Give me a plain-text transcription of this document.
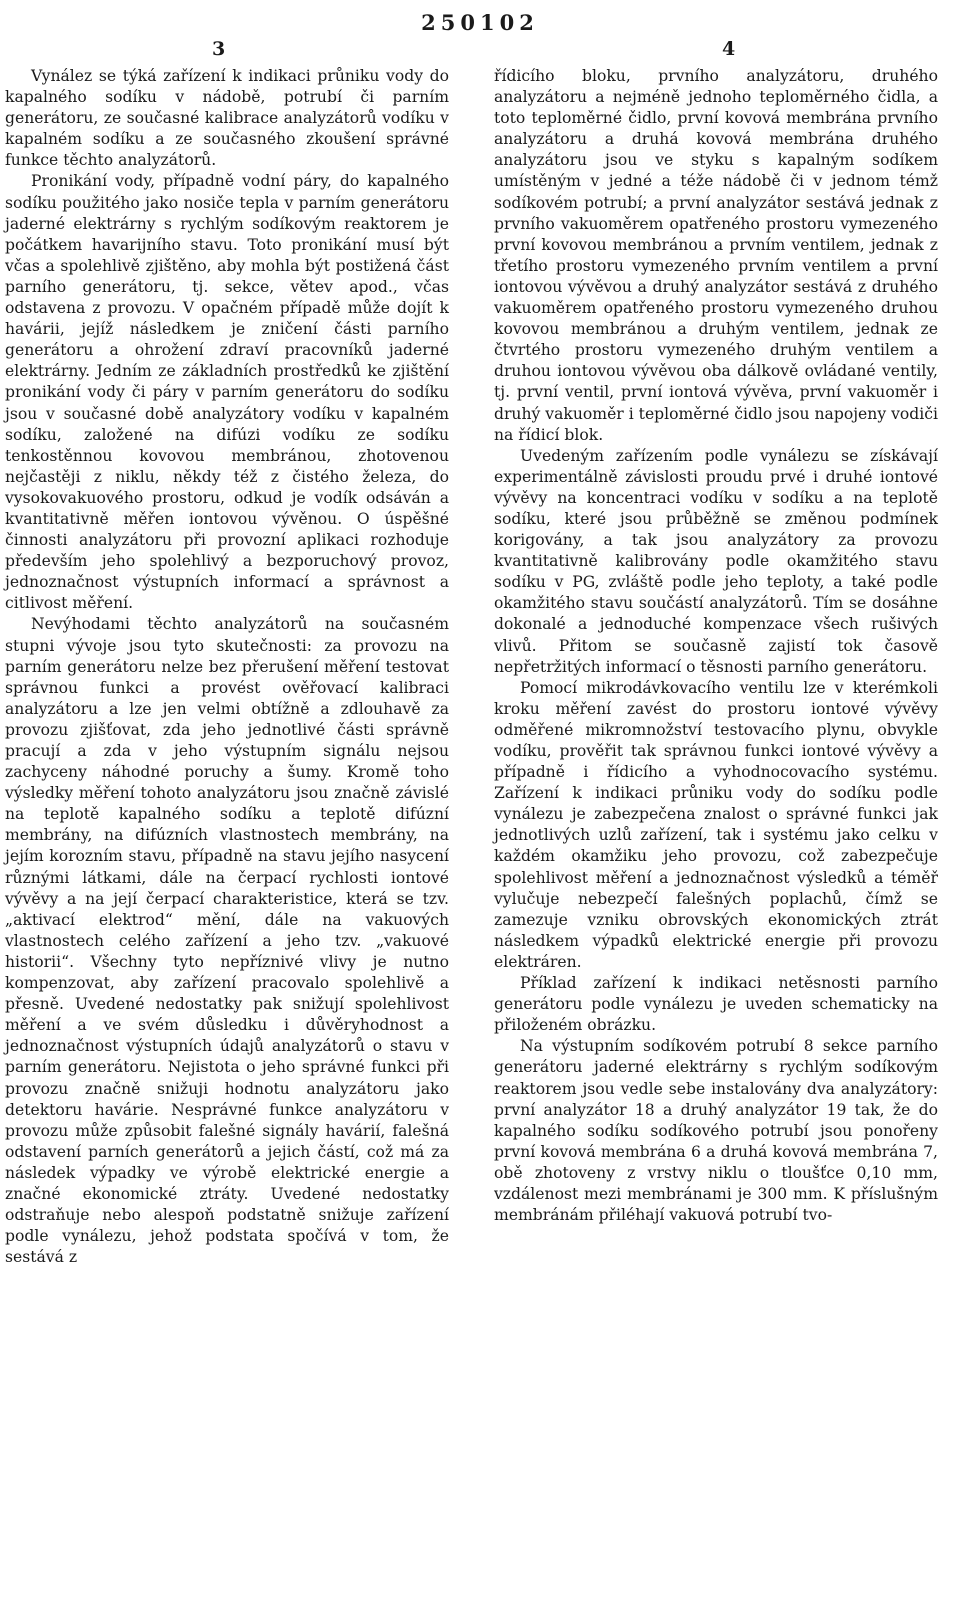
250102
3	4

Vynález se týká zařízení k indikaci průniku vody do kapalného sodíku v nádobě, potrubí či parním generátoru, ze současné kalibrace analyzátorů vodíku v kapalném sodíku a ze současného zkoušení správné funkce těchto analyzátorů.

Pronikání vody, případně vodní páry, do kapalného sodíku použitého jako nosiče tepla v parním generátoru jaderné elektrárny s rychlým sodíkovým reaktorem je počátkem havarijního stavu. Toto pronikání musí být včas a spolehlivě zjištěno, aby mohla být postižená část parního generátoru, tj. sekce, větev apod., včas odstavena z provozu. V opačném případě může dojít k havárii, jejíž následkem je zničení části parního generátoru a ohrožení zdraví pracovníků jaderné elektrárny. Jedním ze základních prostředků ke zjištění pronikání vody či páry v parním generátoru do sodíku jsou v současné době analyzátory vodíku v kapalném sodíku, založené na difúzi vodíku ze sodíku tenkostěnnou kovovou membránou, zhotovenou nejčastěji z niklu, někdy též z čistého železa, do vysokovakuového prostoru, odkud je vodík odsáván a kvantitativně měřen iontovou vývěnou. O úspěšné činnosti analyzátoru při provozní aplikaci rozhoduje především jeho spolehlivý a bezporuchový provoz, jednoznačnost výstupních informací a správnost a citlivost měření.

Nevýhodami těchto analyzátorů na současném stupni vývoje jsou tyto skutečnosti: za provozu na parním generátoru nelze bez přerušení měření testovat správnou funkci a provést ověřovací kalibraci analyzátoru a lze jen velmi obtížně a zdlouhavě za provozu zjišťovat, zda jeho jednotlivé části správně pracují a zda v jeho výstupním signálu nejsou zachyceny náhodné poruchy a šumy. Kromě toho výsledky měření tohoto analyzátoru jsou značně závislé na teplotě kapalného sodíku a teplotě difúzní membrány, na difúzních vlastnostech membrány, na jejím korozním stavu, případně na stavu jejího nasycení různými látkami, dále na čerpací rychlosti iontové vývěvy a na její čerpací charakteristice, která se tzv. „aktivací elektrod“ mění, dále na vakuových vlastnostech celého zařízení a jeho tzv. „vakuové historii“. Všechny tyto nepříznivé vlivy je nutno kompenzovat, aby zařízení pracovalo spolehlivě a přesně. Uvedené nedostatky pak snižují spolehlivost měření a ve svém důsledku i důvěryhodnost a jednoznačnost výstupních údajů analyzátorů o stavu v parním generátoru. Nejistota o jeho správné funkci při provozu značně snižuji hodnotu analyzátoru jako detektoru havárie. Nesprávné funkce analyzátoru v provozu může způsobit falešné signály havárií, falešná odstavení parních generátorů a jejich částí, což má za následek výpadky ve výrobě elektrické energie a značné ekonomické ztráty. Uvedené nedostatky odstraňuje nebo alespoň podstatně snižuje zařízení podle vynálezu, jehož podstata spočívá v tom, že sestává z

řídicího bloku, prvního analyzátoru, druhého analyzátoru a nejméně jednoho teploměrného čidla, a toto teploměrné čidlo, první kovová membrána prvního analyzátoru a druhá kovová membrána druhého analyzátoru jsou ve styku s kapalným sodíkem umístěným v jedné a téže nádobě či v jednom témž sodíkovém potrubí; a první analyzátor sestává jednak z prvního vakuoměrem opatřeného prostoru vymezeného první kovovou membránou a prvním ventilem, jednak z třetího prostoru vymezeného prvním ventilem a první iontovou vývěvou a druhý analyzátor sestává z druhého vakuoměrem opatřeného prostoru vymezeného druhou kovovou membránou a druhým ventilem, jednak ze čtvrtého prostoru vymezeného druhým ventilem a druhou iontovou vývěvou oba dálkově ovládané ventily, tj. první ventil, první iontová vývěva, první vakuoměr i druhý vakuoměr i teploměrné čidlo jsou napojeny vodiči na řídicí blok.

Uvedeným zařízením podle vynálezu se získávají experimentálně závislosti proudu prvé i druhé iontové vývěvy na koncentraci vodíku v sodíku a na teplotě sodíku, které jsou průběžně se změnou podmínek korigovány, a tak jsou analyzátory za provozu kvantitativně kalibrovány podle okamžitého stavu sodíku v PG, zvláště podle jeho teploty, a také podle okamžitého stavu součástí analyzátorů. Tím se dosáhne dokonalé a jednoduché kompenzace všech rušivých vlivů. Přitom se současně zajistí tok časově nepřetržitých informací o těsnosti parního generátoru.

Pomocí mikrodávkovacího ventilu lze v kterémkoli kroku měření zavést do prostoru iontové vývěvy odměřené mikromnožství testovacího plynu, obvykle vodíku, prověřit tak správnou funkci iontové vývěvy a případně i řídicího a vyhodnocovacího systému. Zařízení k indikaci průniku vody do sodíku podle vynálezu je zabezpečena znalost o správné funkci jak jednotlivých uzlů zařízení, tak i systému jako celku v každém okamžiku jeho provozu, což zabezpečuje spolehlivost měření a jednoznačnost výsledků a téměř vylučuje nebezpečí falešných poplachů, čímž se zamezuje vzniku obrovských ekonomických ztrát následkem výpadků elektrické energie při provozu elektráren.

Příklad zařízení k indikaci netěsnosti parního generátoru podle vynálezu je uveden schematicky na přiloženém obrázku.

Na výstupním sodíkovém potrubí 8 sekce parního generátoru jaderné elektrárny s rychlým sodíkovým reaktorem jsou vedle sebe instalovány dva analyzátory: první analyzátor 18 a druhý analyzátor 19 tak, že do kapalného sodíku sodíkového potrubí jsou ponořeny první kovová membrána 6 a druhá kovová membrána 7, obě zhotoveny z vrstvy niklu o tloušťce 0,10 mm, vzdálenost mezi membránami je 300 mm. K příslušným membránám přiléhají vakuová potrubí tvo-
